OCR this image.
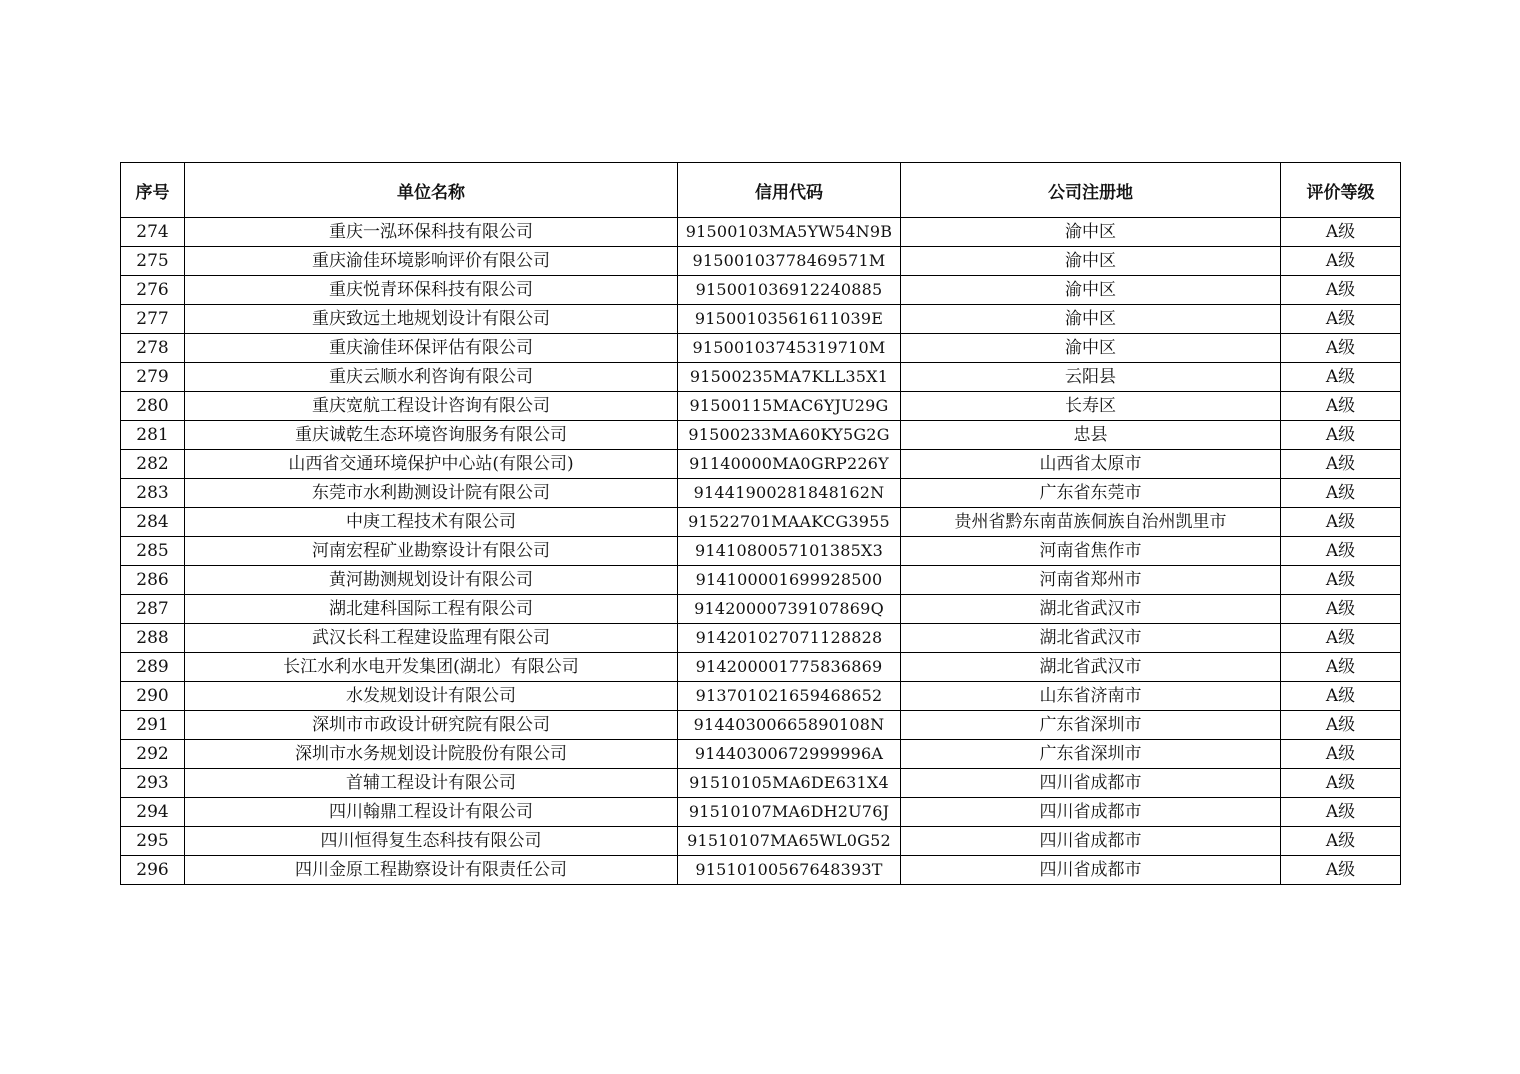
序号	单位名称	信用代码	公司注册地	评价等级
274	重庆一泓环保科技有限公司	91500103MA5YW54N9B	渝中区	A级
275	重庆渝佳环境影响评价有限公司	91500103778469571M	渝中区	A级
276	重庆悦青环保科技有限公司	915001036912240885	渝中区	A级
277	重庆致远土地规划设计有限公司	91500103561611039E	渝中区	A级
278	重庆渝佳环保评估有限公司	91500103745319710M	渝中区	A级
279	重庆云顺水利咨询有限公司	91500235MA7KLL35X1	云阳县	A级
280	重庆宽航工程设计咨询有限公司	91500115MAC6YJU29G	长寿区	A级
281	重庆诚乾生态环境咨询服务有限公司	91500233MA60KY5G2G	忠县	A级
282	山西省交通环境保护中心站(有限公司)	91140000MA0GRP226Y	山西省太原市	A级
283	东莞市水利勘测设计院有限公司	91441900281848162N	广东省东莞市	A级
284	中庚工程技术有限公司	91522701MAAKCG3955	贵州省黔东南苗族侗族自治州凯里市	A级
285	河南宏程矿业勘察设计有限公司	9141080057101385X3	河南省焦作市	A级
286	黄河勘测规划设计有限公司	914100001699928500	河南省郑州市	A级
287	湖北建科国际工程有限公司	91420000739107869Q	湖北省武汉市	A级
288	武汉长科工程建设监理有限公司	914201027071128828	湖北省武汉市	A级
289	长江水利水电开发集团(湖北）有限公司	914200001775836869	湖北省武汉市	A级
290	水发规划设计有限公司	913701021659468652	山东省济南市	A级
291	深圳市市政设计研究院有限公司	91440300665890108N	广东省深圳市	A级
292	深圳市水务规划设计院股份有限公司	91440300672999996A	广东省深圳市	A级
293	首辅工程设计有限公司	91510105MA6DE631X4	四川省成都市	A级
294	四川翰鼎工程设计有限公司	91510107MA6DH2U76J	四川省成都市	A级
295	四川恒得复生态科技有限公司	91510107MA65WL0G52	四川省成都市	A级
296	四川金原工程勘察设计有限责任公司	91510100567648393T	四川省成都市	A级
